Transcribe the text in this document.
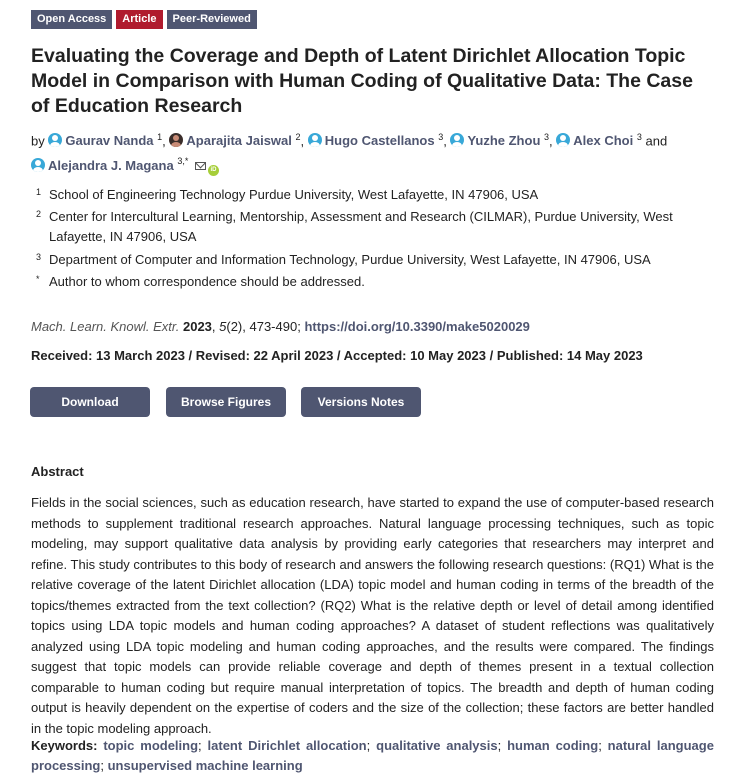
Open Access	Article	Peer-Reviewed
Evaluating the Coverage and Depth of Latent Dirichlet Allocation Topic Model in Comparison with Human Coding of Qualitative Data: The Case of Education Research
by Gaurav Nanda $^1$, Aparajita Jaiswal $^2$, Hugo Castellanos $^3$, Yuzhe Zhou $^3$, Alex Choi $^3$ and
Alejandra J. Magana $^{3,*}$ iD
1 School of Engineering Technology Purdue University, West Lafayette, IN 47906, USA
2 Center for Intercultural Learning, Mentorship, Assessment and Research (CILMAR), Purdue University, West Lafayette, IN 47906, USA
3 Department of Computer and Information Technology, Purdue University, West Lafayette, IN 47906, USA
* Author to whom correspondence should be addressed.
Mach. Learn. Knowl. Extr. 2023, 5(2), 473-490; https://doi.org/10.3390/make5020029
Received: 13 March 2023 / Revised: 22 April 2023 / Accepted: 10 May 2023 / Published: 14 May 2023
Download	Browse Figures	Versions Notes
Abstract

Fields in the social sciences, such as education research, have started to expand the use of computer-based research methods to supplement traditional research approaches. Natural language processing techniques, such as topic modeling, may support qualitative data analysis by providing early categories that researchers may interpret and refine. This study contributes to this body of research and answers the following research questions: (RQ1) What is the relative coverage of the latent Dirichlet allocation (LDA) topic model and human coding in terms of the breadth of the topics/themes extracted from the text collection? (RQ2) What is the relative depth or level of detail among identified topics using LDA topic models and human coding approaches? A dataset of student reflections was qualitatively analyzed using LDA topic modeling and human coding approaches, and the results were compared. The findings suggest that topic models can provide reliable coverage and depth of themes present in a textual collection comparable to human coding but require manual interpretation of topics. The breadth and depth of human coding output is heavily dependent on the expertise of coders and the size of the collection; these factors are better handled in the topic modeling approach.

Keywords: topic modeling; latent Dirichlet allocation; qualitative analysis; human coding; natural language processing; unsupervised machine learning
